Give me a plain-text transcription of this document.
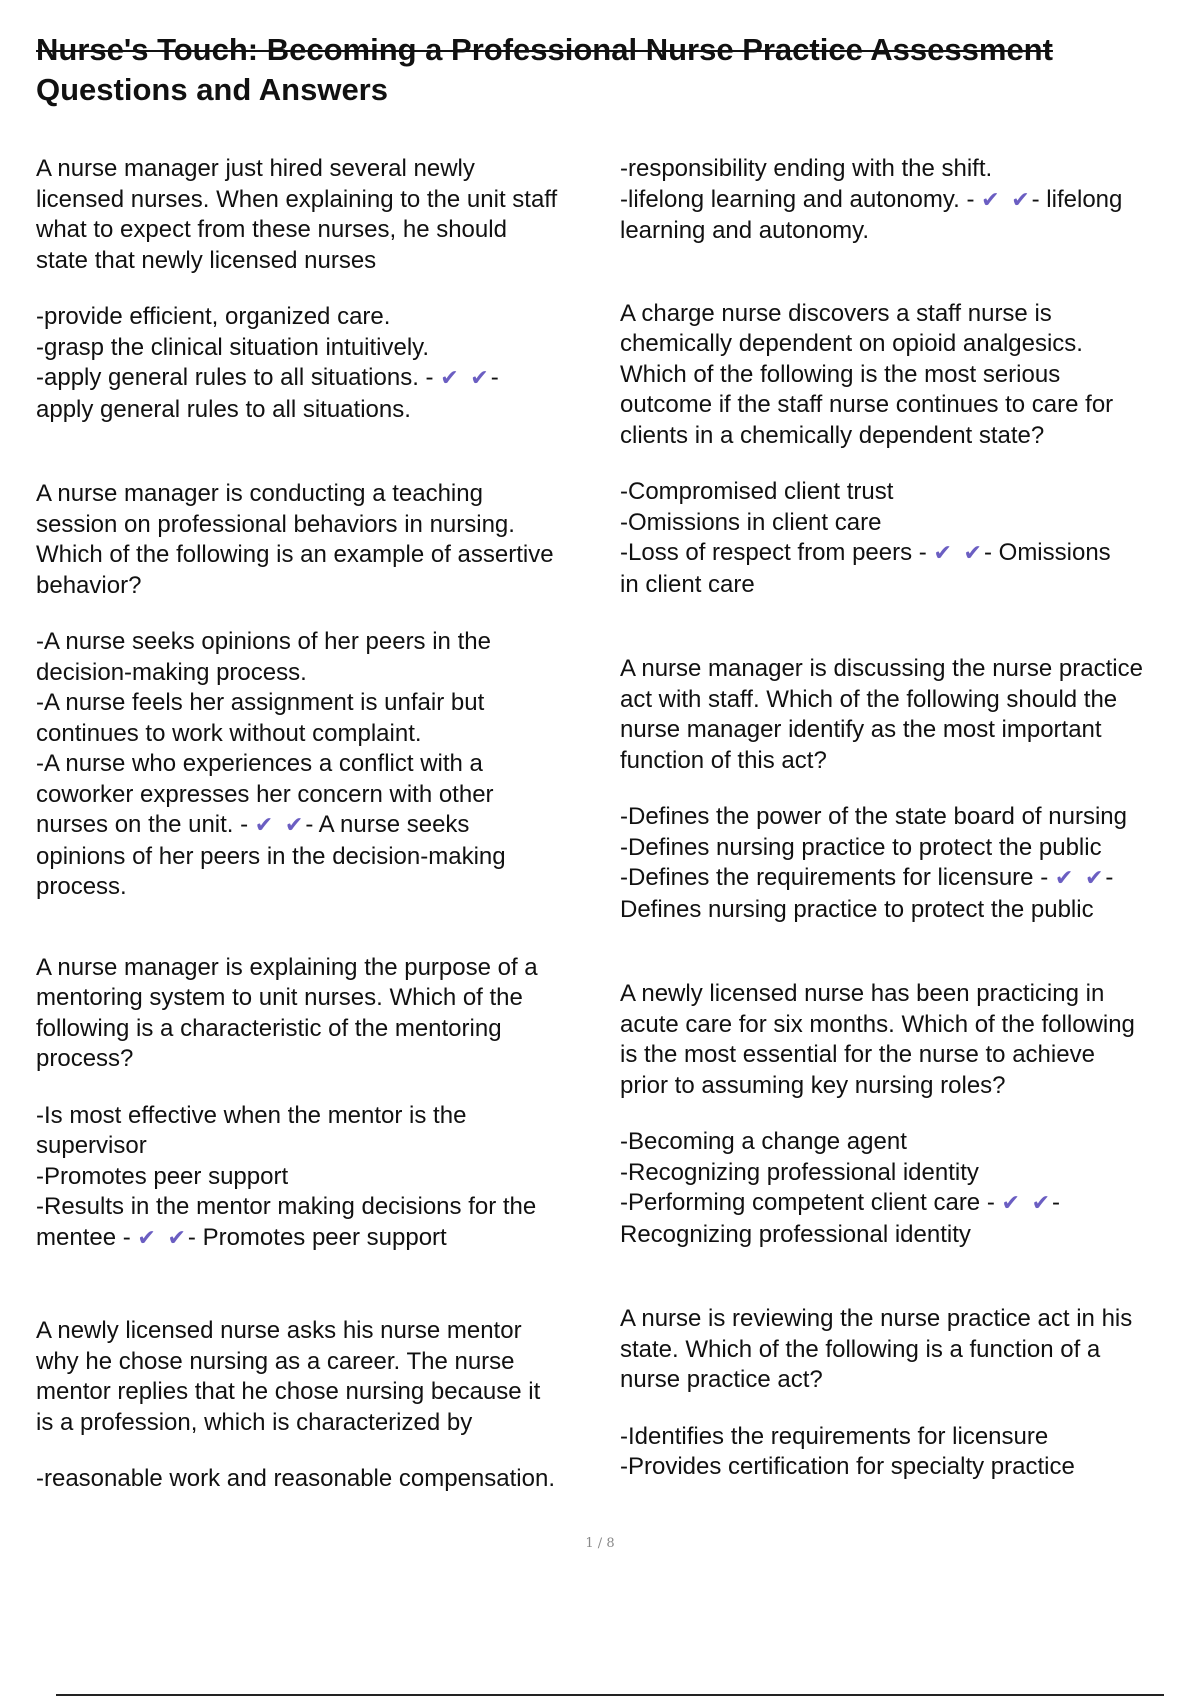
Nurse's Touch: Becoming a Professional Nurse Practice Assessment
Questions and Answers
A nurse manager just hired several newly
licensed nurses. When explaining to the unit staff
what to expect from these nurses, he should
state that newly licensed nurses
-provide efficient, organized care.
-grasp the clinical situation intuitively.
-apply general rules to all situations. - ✔ ✔-
apply general rules to all situations.
A nurse manager is conducting a teaching
session on professional behaviors in nursing.
Which of the following is an example of assertive
behavior?
-A nurse seeks opinions of her peers in the
decision-making process.
-A nurse feels her assignment is unfair but
continues to work without complaint.
-A nurse who experiences a conflict with a
coworker expresses her concern with other
nurses on the unit. - ✔ ✔- A nurse seeks
opinions of her peers in the decision-making
process.
A nurse manager is explaining the purpose of a
mentoring system to unit nurses. Which of the
following is a characteristic of the mentoring
process?
-Is most effective when the mentor is the
supervisor
-Promotes peer support
-Results in the mentor making decisions for the
mentee - ✔ ✔- Promotes peer support
A newly licensed nurse asks his nurse mentor
why he chose nursing as a career. The nurse
mentor replies that he chose nursing because it
is a profession, which is characterized by
-reasonable work and reasonable compensation.
-responsibility ending with the shift.
-lifelong learning and autonomy. - ✔ ✔- lifelong
learning and autonomy.
A charge nurse discovers a staff nurse is
chemically dependent on opioid analgesics.
Which of the following is the most serious
outcome if the staff nurse continues to care for
clients in a chemically dependent state?
-Compromised client trust
-Omissions in client care
-Loss of respect from peers - ✔ ✔- Omissions
in client care
A nurse manager is discussing the nurse practice
act with staff. Which of the following should the
nurse manager identify as the most important
function of this act?
-Defines the power of the state board of nursing
-Defines nursing practice to protect the public
-Defines the requirements for licensure - ✔ ✔-
Defines nursing practice to protect the public
A newly licensed nurse has been practicing in
acute care for six months. Which of the following
is the most essential for the nurse to achieve
prior to assuming key nursing roles?
-Becoming a change agent
-Recognizing professional identity
-Performing competent client care - ✔ ✔-
Recognizing professional identity
A nurse is reviewing the nurse practice act in his
state. Which of the following is a function of a
nurse practice act?
-Identifies the requirements for licensure
-Provides certification for specialty practice
1 / 8
